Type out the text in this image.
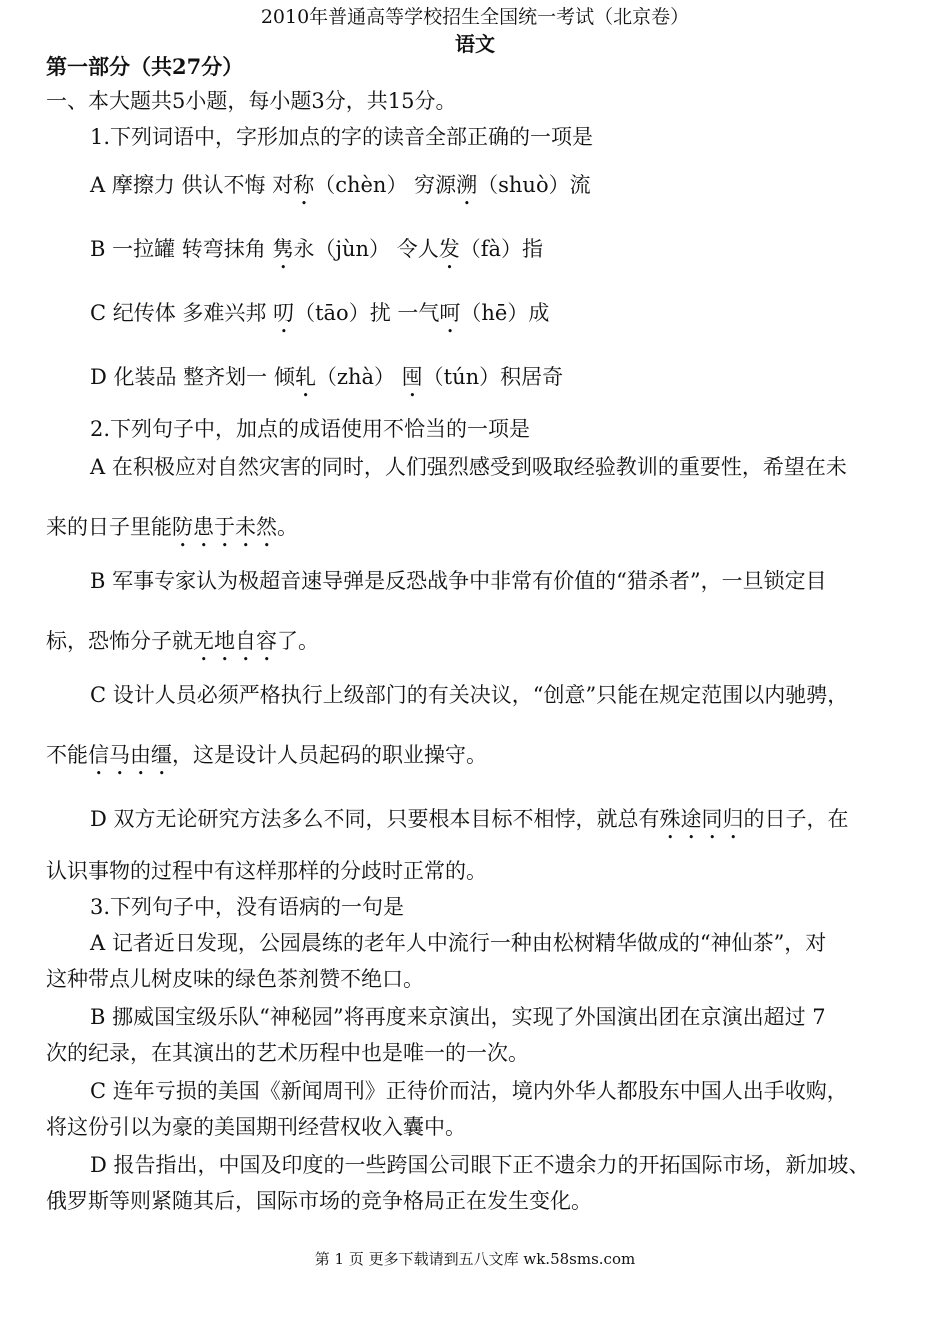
2010年普通高等学校招生全国统一考试（北京卷）
语文
第一部分（共27分）
一、本大题共5小题，每小题3分，共15分。
1.下列词语中，字形加点的字的读音全部正确的一项是
A 摩擦力 供认不悔 对称（chèn） 穷源溯（shuò）流
B 一拉罐 转弯抹角 隽永（jùn） 令人发（fà）指
C 纪传体 多难兴邦 叨（tāo）扰 一气呵（hē）成
D 化装品 整齐划一 倾轧（zhà） 囤（tún）积居奇
2.下列句子中，加点的成语使用不恰当的一项是
A 在积极应对自然灾害的同时，人们强烈感受到吸取经验教训的重要性，希望在未
来的日子里能防患于未然。
B 军事专家认为极超音速导弹是反恐战争中非常有价值的“猎杀者”，一旦锁定目
标，恐怖分子就无地自容了。
C 设计人员必须严格执行上级部门的有关决议，“创意”只能在规定范围以内驰骋，
不能信马由缰，这是设计人员起码的职业操守。
D 双方无论研究方法多么不同，只要根本目标不相悖，就总有殊途同归的日子，在
认识事物的过程中有这样那样的分歧时正常的。
3.下列句子中，没有语病的一句是
A 记者近日发现，公园晨练的老年人中流行一种由松树精华做成的“神仙茶”，对
这种带点儿树皮味的绿色茶剂赞不绝口。
B 挪威国宝级乐队“神秘园”将再度来京演出，实现了外国演出团在京演出超过 7
次的纪录，在其演出的艺术历程中也是唯一的一次。
C 连年亏损的美国《新闻周刊》正待价而沽，境内外华人都股东中国人出手收购，
将这份引以为豪的美国期刊经营权收入囊中。
D 报告指出，中国及印度的一些跨国公司眼下正不遗余力的开拓国际市场，新加坡、
俄罗斯等则紧随其后，国际市场的竞争格局正在发生变化。
第 1 页 更多下载请到五八文库 wk.58sms.com
